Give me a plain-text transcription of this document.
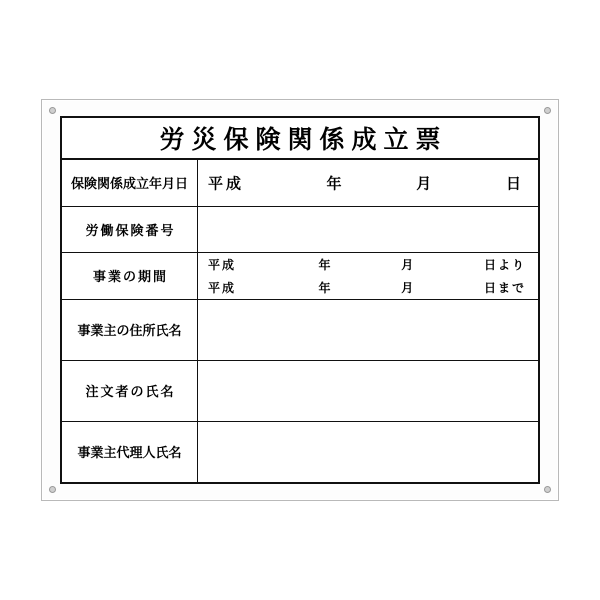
労災保険関係成立票
保険関係成立年月日	平成	年	月	日
労働保険番号
事業の期間
平成	年	月	日より
平成	年	月	日まで
事業主の住所氏名
注文者の氏名
事業主代理人氏名
